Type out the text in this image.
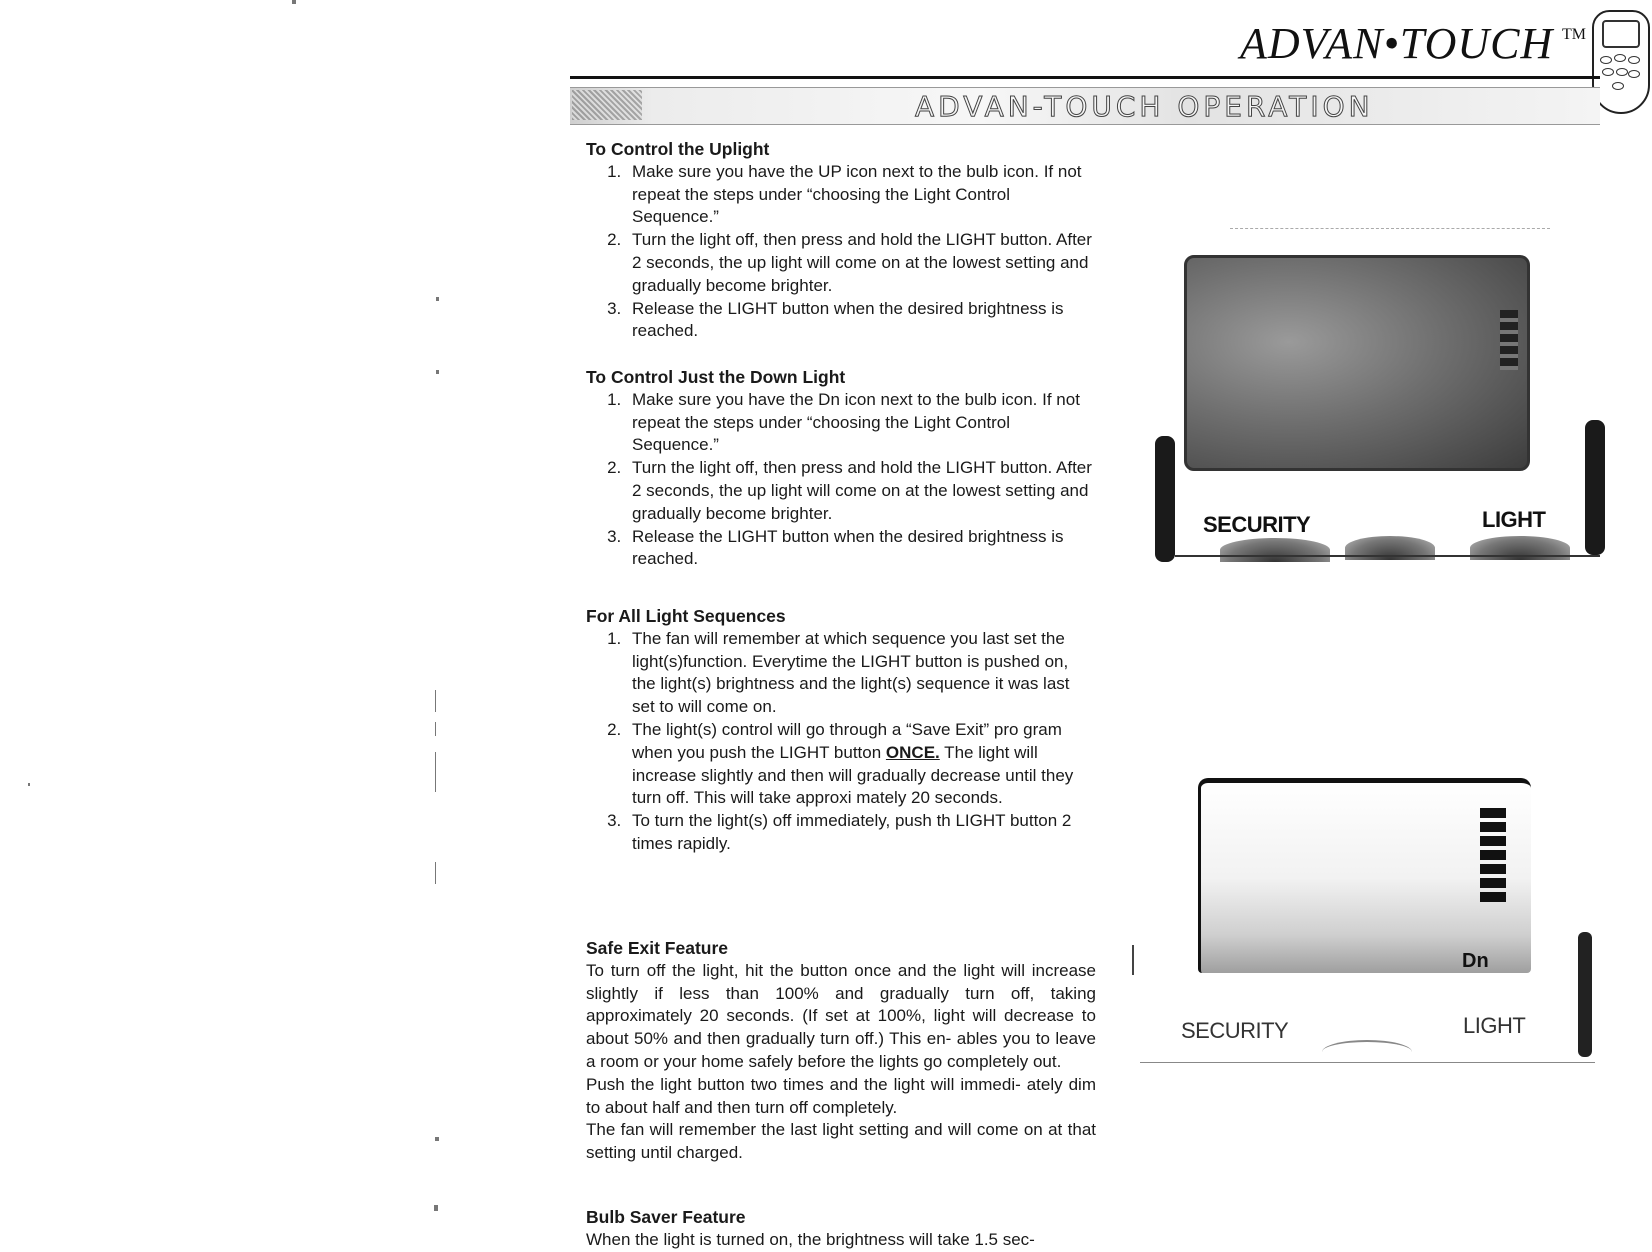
ADVAN•TOUCH TM
ADVAN-TOUCH OPERATION
To Control the Uplight
1. Make sure you have the UP icon next to the bulb icon. If not repeat the steps under “choosing the Light Control Sequence.”
2. Turn the light off, then press and hold the LIGHT button. After 2 seconds, the up light will come on at the lowest setting and gradually become brighter.
3. Release the LIGHT button when the desired brightness is reached.
To Control Just the Down Light
1. Make sure you have the Dn icon next to the bulb icon. If not repeat the steps under “choosing the Light Control Sequence.”
2. Turn the light off, then press and hold the LIGHT button. After 2 seconds, the up light will come on at the lowest setting and gradually become brighter.
3. Release the LIGHT button when the desired brightness is reached.
For All Light Sequences
1. The fan will remember at which sequence you last set the light(s)function. Everytime the LIGHT button is pushed on, the light(s) brightness and the light(s) sequence it was last set to will come on.
2. The light(s) control will go through a “Save Exit” pro gram when you push the LIGHT button ONCE. The light will increase slightly and then will gradually decrease until they turn off. This will take approxi mately 20 seconds.
3. To turn the light(s) off immediately, push th LIGHT button 2 times rapidly.
Safe Exit Feature

To turn off the light, hit the button once and the light will increase slightly if less than 100% and gradually turn off, taking approximately 20 seconds. (If set at 100%, light will decrease to about 50% and then gradually turn off.) This en- ables you to leave a room or your home safely before the lights go completely out.

Push the light button two times and the light will immedi- ately dim to about half and then turn off completely.

The fan will remember the last light setting and will come on at that setting until charged.

Bulb Saver Feature

When the light is turned on, the brightness will take 1.5 sec-

SECURITY	LIGHT
Dn
SECURITY	LIGHT
